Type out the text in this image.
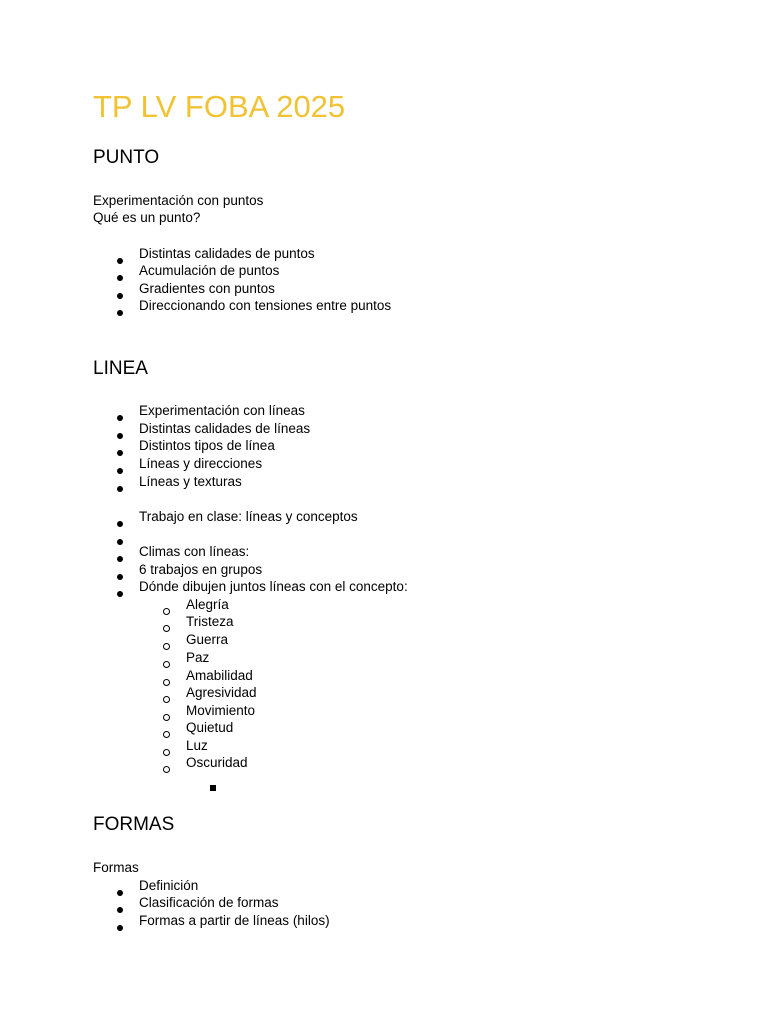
TP LV FOBA 2025
PUNTO
Experimentación con puntos
Qué es un punto?
Distintas calidades de puntos
Acumulación de puntos
Gradientes con puntos
Direccionando con tensiones entre puntos
LINEA
Experimentación con líneas
Distintas calidades de líneas
Distintos tipos de línea
Líneas y direcciones
Líneas y texturas
Trabajo en clase: líneas y conceptos
Climas con líneas:
6 trabajos en grupos
Dónde dibujen juntos líneas con el concepto:
Alegría
Tristeza
Guerra
Paz
Amabilidad
Agresividad
Movimiento
Quietud
Luz
Oscuridad
FORMAS
Formas
Definición
Clasificación de formas
Formas a partir de líneas (hilos)
